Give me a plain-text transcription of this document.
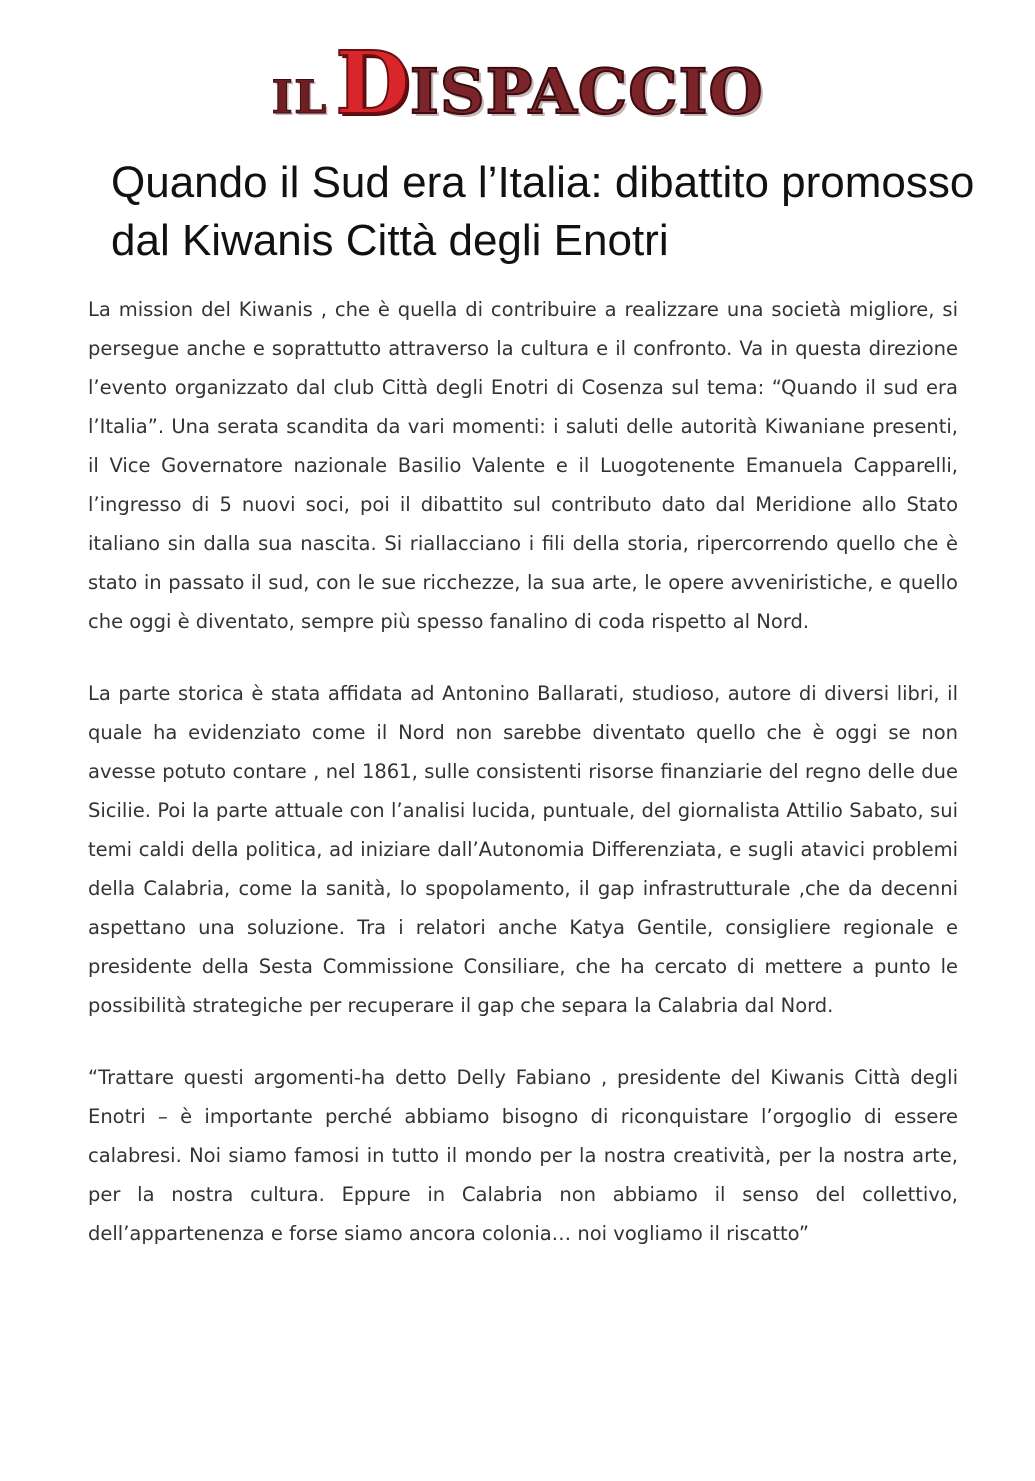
ILDISPACCIO
Quando il Sud era l’Italia: dibattito promosso dal Kiwanis Città degli Enotri

La mission del Kiwanis , che è quella di contribuire a realizzare una società migliore, si persegue anche e soprattutto attraverso la cultura e il confronto. Va in questa direzione l’evento organizzato dal club Città degli Enotri di Cosenza sul tema: “Quando il sud era l’Italia”. Una serata scandita da vari momenti: i saluti delle autorità Kiwaniane presenti, il Vice Governatore nazionale Basilio Valente e il Luogotenente Emanuela Capparelli, l’ingresso di 5 nuovi soci, poi il dibattito sul contributo dato dal Meridione allo Stato italiano sin dalla sua nascita. Si riallacciano i fili della storia, ripercorrendo quello che è stato in passato il sud, con le sue ricchezze, la sua arte, le opere avveniristiche, e quello che oggi è diventato, sempre più spesso fanalino di coda rispetto al Nord.

La parte storica è stata affidata ad Antonino Ballarati, studioso, autore di diversi libri, il quale ha evidenziato come il Nord non sarebbe diventato quello che è oggi se non avesse potuto contare , nel 1861, sulle consistenti risorse finanziarie del regno delle due Sicilie. Poi la parte attuale con l’analisi lucida, puntuale, del giornalista Attilio Sabato, sui temi caldi della politica, ad iniziare dall’Autonomia Differenziata, e sugli atavici problemi della Calabria, come la sanità, lo spopolamento, il gap infrastrutturale ,che da decenni aspettano una soluzione. Tra i relatori anche Katya Gentile, consigliere regionale e presidente della Sesta Commissione Consiliare, che ha cercato di mettere a punto le possibilità strategiche per recuperare il gap che separa la Calabria dal Nord.

“Trattare questi argomenti-ha detto Delly Fabiano , presidente del Kiwanis Città degli Enotri – è importante perché abbiamo bisogno di riconquistare l’orgoglio di essere calabresi. Noi siamo famosi in tutto il mondo per la nostra creatività, per la nostra arte, per la nostra cultura. Eppure in Calabria non abbiamo il senso del collettivo, dell’appartenenza e forse siamo ancora colonia… noi vogliamo il riscatto”
